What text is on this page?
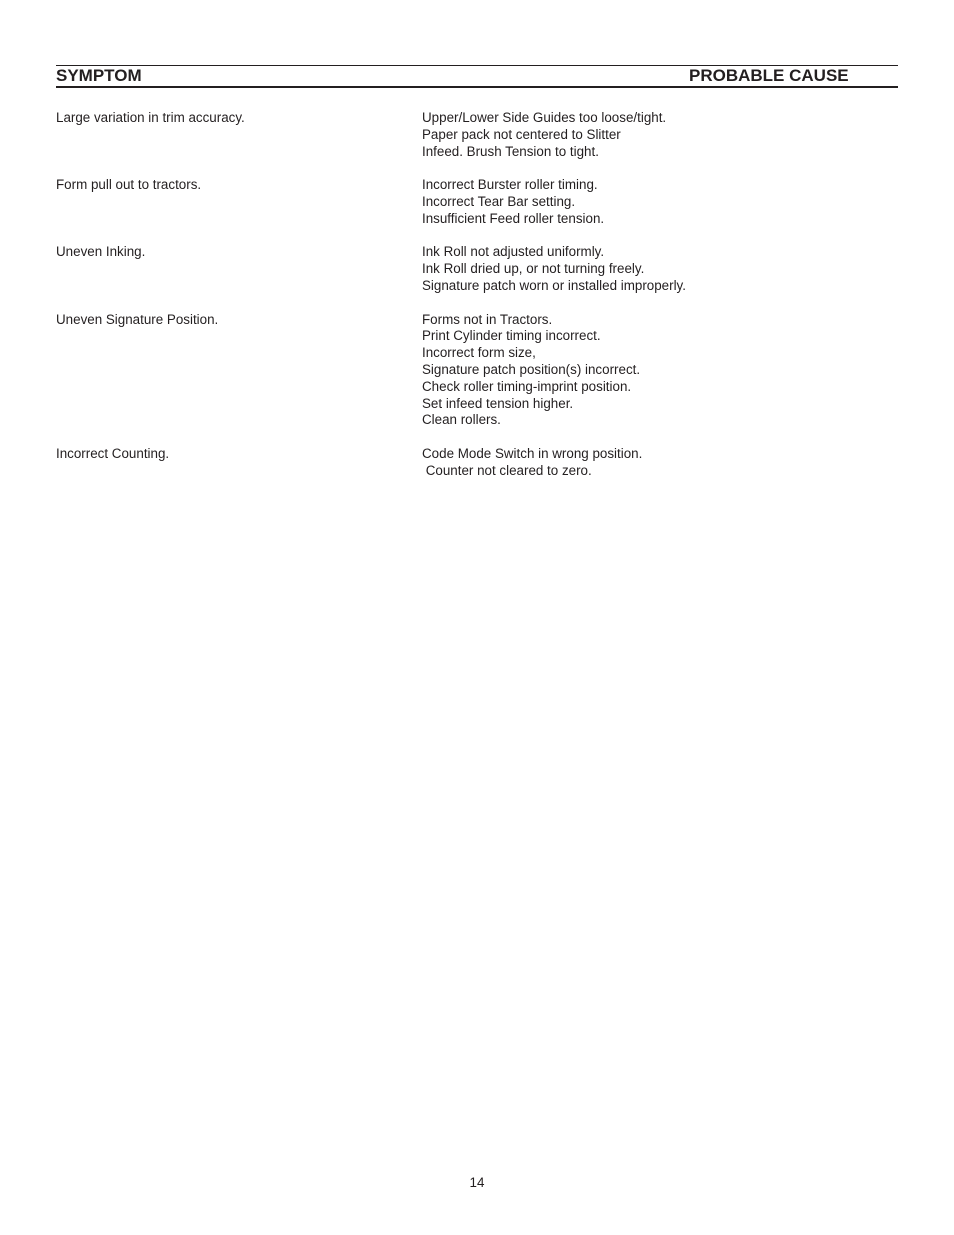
SYMPTOM	PROBABLE CAUSE
Large variation in trim accuracy.	Upper/Lower Side Guides too loose/tight.
Paper pack not centered to Slitter
Infeed. Brush Tension to tight.
Form pull out to tractors.	Incorrect Burster roller timing.
Incorrect Tear Bar setting.
Insufficient Feed roller tension.
Uneven Inking.	Ink Roll not adjusted uniformly.
Ink Roll dried up, or not turning freely.
Signature patch worn or installed improperly.
Uneven Signature Position.	Forms not in Tractors.
Print Cylinder timing incorrect.
Incorrect form size,
Signature patch position(s) incorrect.
Check roller timing-imprint position.
Set infeed tension higher.
Clean rollers.
Incorrect Counting.	Code Mode Switch in wrong position.
Counter not cleared to zero.
14
